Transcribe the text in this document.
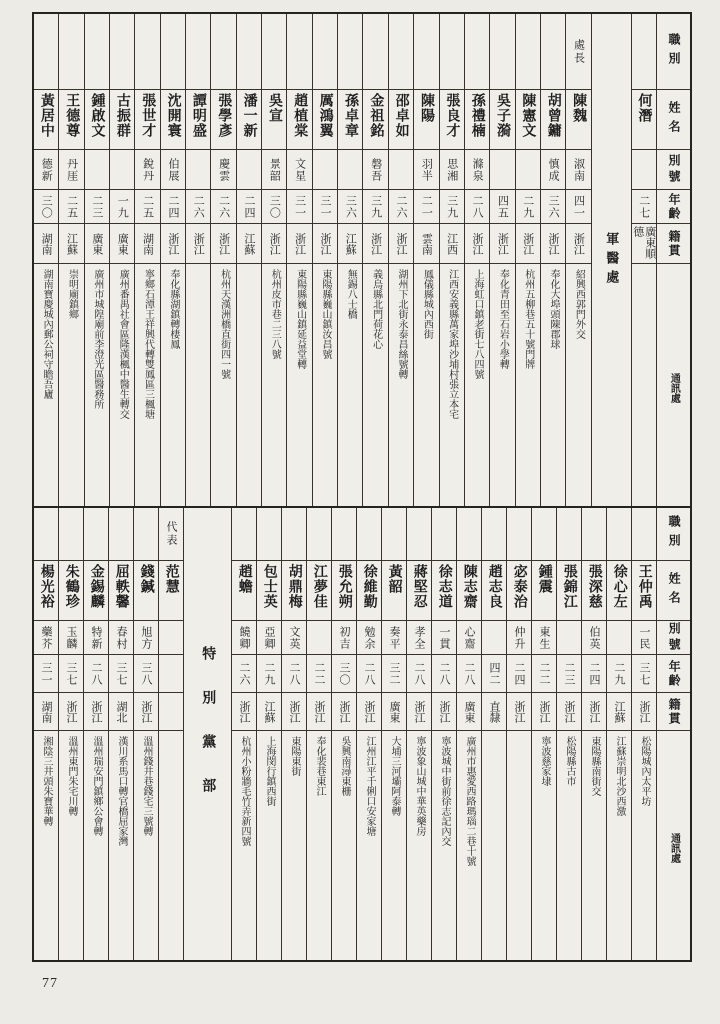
黃居中
德新
三〇
湖南
湖南寶慶城內郵公祠守瞻吾廬
王德尊
丹厓
二五
江蘇
崇明廟鎮鄉
鍾啟文
二三
廣東
廣州市城隍廟前李澄光區醫務所
古振群
一九
廣東
廣州番禺社會區隆漢楓中醫生轉交
張世才
銳丹
二五
湖南
寧鄉石潭王祥興代轉雙鳳區三楓塘
沈開寰
伯展
二四
浙江
奉化縣湖鎮轉棲鳳
譚明盛
二六
浙江
張學彥
慶雲
二六
浙江
杭州天漢洲橋直街四一號
潘一新
二四
江蘇
吳宣
景韶
三〇
浙江
杭州皮市巷二三八號
趙植棠
文星
三一
浙江
東陽縣巍山鎮延益堂轉
厲鴻翼
三一
浙江
東陽縣巍山鎮汝昌號
孫卓章
三六
江蘇
無錫八士橋
金祖銘
磐吾
三九
浙江
義烏縣北門荷花心
邵卓如
二六
浙江
湖州下北街永泰昌絲號轉
陳陽
羽半
二一
雲南
鳳儀縣城內西街
張良才
思湘
三九
江西
江西安義縣萬家埠沙埔村張立本宅
孫禮楠
滌泉
二八
浙江
上海虹口鎮老街七八四號
吳子漪
四五
浙江
奉化青田至石岩小學轉
陳憲文
二九
浙江
杭州五柳巷五十號門牌
胡曾鏞
慎成
三六
浙江
奉化大埠頭陳郡球
處長
陳魏
淑南
四一
浙江
紹興西郭門外交
軍醫處
何潛
二七
廣東順德
職別
姓名
別號
年齡
籍貫
通訊處
楊光裕
藥芥
三一
湖南
湘陰三井頭朱寶華轉
朱鶴珍
玉麟
三七
浙江
溫州東門朱宅川轉
金錫麟
特新
二八
浙江
溫州瑞安門鎮鄉公會轉
屈軼馨
春村
三七
湖北
漢川系馬口轉官橋屈家灣
錢鍼
旭方
三八
浙江
溫州錢井巷錢宅三號轉
代表
范慧
特別黨部
趙蟾
饒卿
二六
浙江
杭州小粉牆毛竹弄新四號
包士英
亞卿
二九
江蘇
上海閔行鎮西街
胡鼎梅
文英
二八
浙江
東陽東街
江夢佳
二二
浙江
奉化裴巷東江
張允朔
初吉
三〇
浙江
吳興南潯東栅
徐維勤
勉余
二八
浙江
江州江平千俐口安家塘
黃韶
奏平
三二
廣東
大埔三河壩阿泰轉
蔣堅忍
孝全
二八
浙江
寧波象山城中華英藥房
徐志道
一貫
二八
浙江
寧波城中街前徐志記內交
陳志齋
心齋
二八
廣東
廣州市惠愛西路瑪瑙二巷十號
趙志良
四二
直隸
宓泰治
仲升
二四
浙江
鍾震
東生
二二
浙江
寧波慈家埭
張錦江
二三
浙江
松陽縣古市
張深慈
伯英
二四
浙江
東陽縣南街交
徐心左
二九
江蘇
江蘇崇明北沙西激
王仲禹
一民
三七
浙江
松陽城內太平坊
職別
姓名
別號
年齡
籍貫
通訊處
77
